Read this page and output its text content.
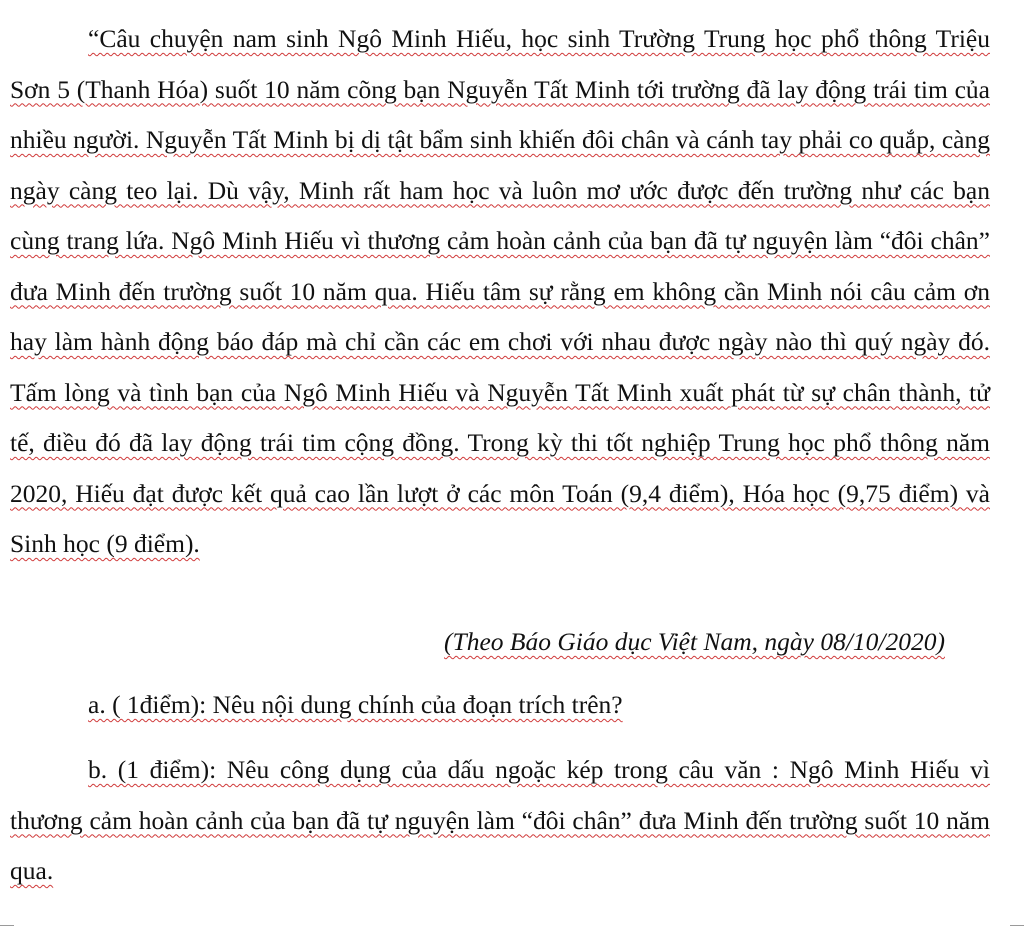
“Câu chuyện nam sinh Ngô Minh Hiếu, học sinh Trường Trung học phổ thông Triệu Sơn 5 (Thanh Hóa) suốt 10 năm cõng bạn Nguyễn Tất Minh tới trường đã lay động trái tim của nhiều người. Nguyễn Tất Minh bị dị tật bẩm sinh khiến đôi chân và cánh tay phải co quắp, càng ngày càng teo lại. Dù vậy, Minh rất ham học và luôn mơ ước được đến trường như các bạn cùng trang lứa. Ngô Minh Hiếu vì thương cảm hoàn cảnh của bạn đã tự nguyện làm “đôi chân” đưa Minh đến trường suốt 10 năm qua. Hiếu tâm sự rằng em không cần Minh nói câu cảm ơn hay làm hành động báo đáp mà chỉ cần các em chơi với nhau được ngày nào thì quý ngày đó. Tấm lòng và tình bạn của Ngô Minh Hiếu và Nguyễn Tất Minh xuất phát từ sự chân thành, tử tế, điều đó đã lay động trái tim cộng đồng. Trong kỳ thi tốt nghiệp Trung học phổ thông năm 2020, Hiếu đạt được kết quả cao lần lượt ở các môn Toán (9,4 điểm), Hóa học (9,75 điểm) và Sinh học (9 điểm).

(Theo Báo Giáo dục Việt Nam, ngày 08/10/2020)

a. ( 1điểm): Nêu nội dung chính của đoạn trích trên?

b. (1 điểm): Nêu công dụng của dấu ngoặc kép trong câu văn : Ngô Minh Hiếu vì thương cảm hoàn cảnh của bạn đã tự nguyện làm “đôi chân” đưa Minh đến trường suốt 10 năm qua.
